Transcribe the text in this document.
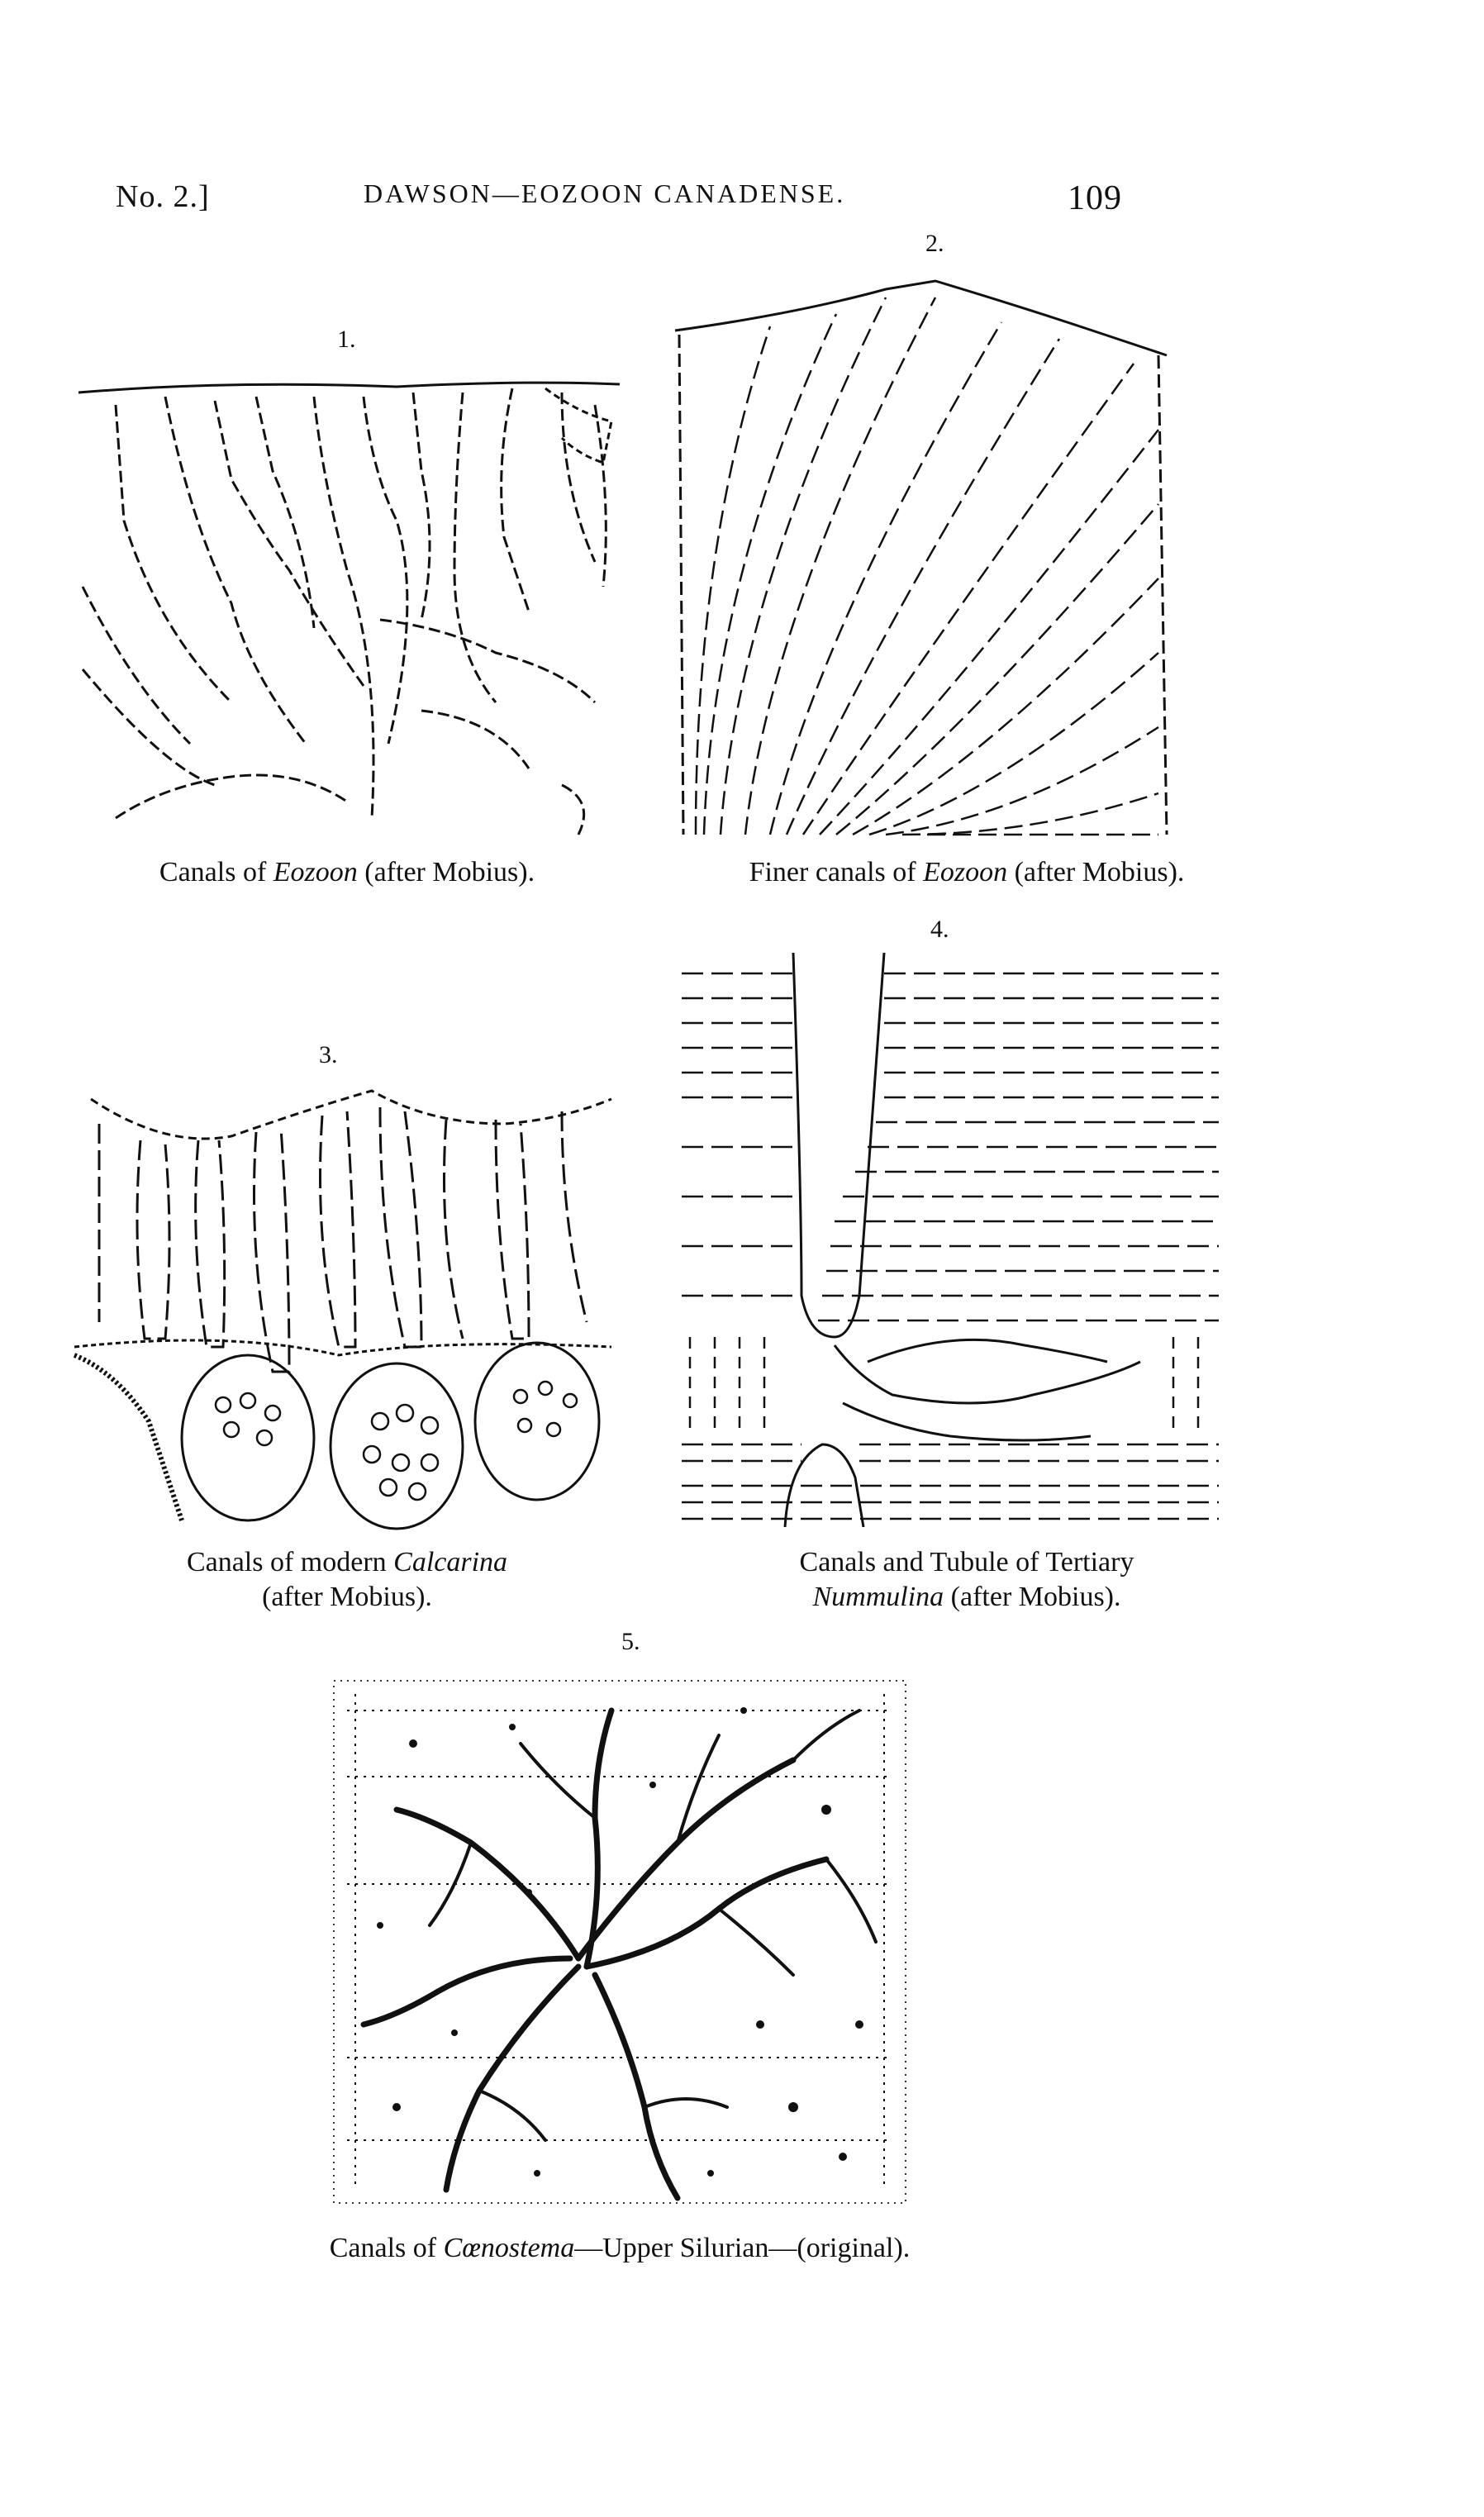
No. 2.]	DAWSON—EOZOON CANADENSE.	109
1.
Canals of Eozoon (after Mobius).
2.
Finer canals of Eozoon (after Mobius).
3.
Canals of modern Calcarina
(after Mobius).
4.
Canals and Tubule of Tertiary
Nummulina (after Mobius).
5.
Canals of Cœnostema—Upper Silurian—(original).
